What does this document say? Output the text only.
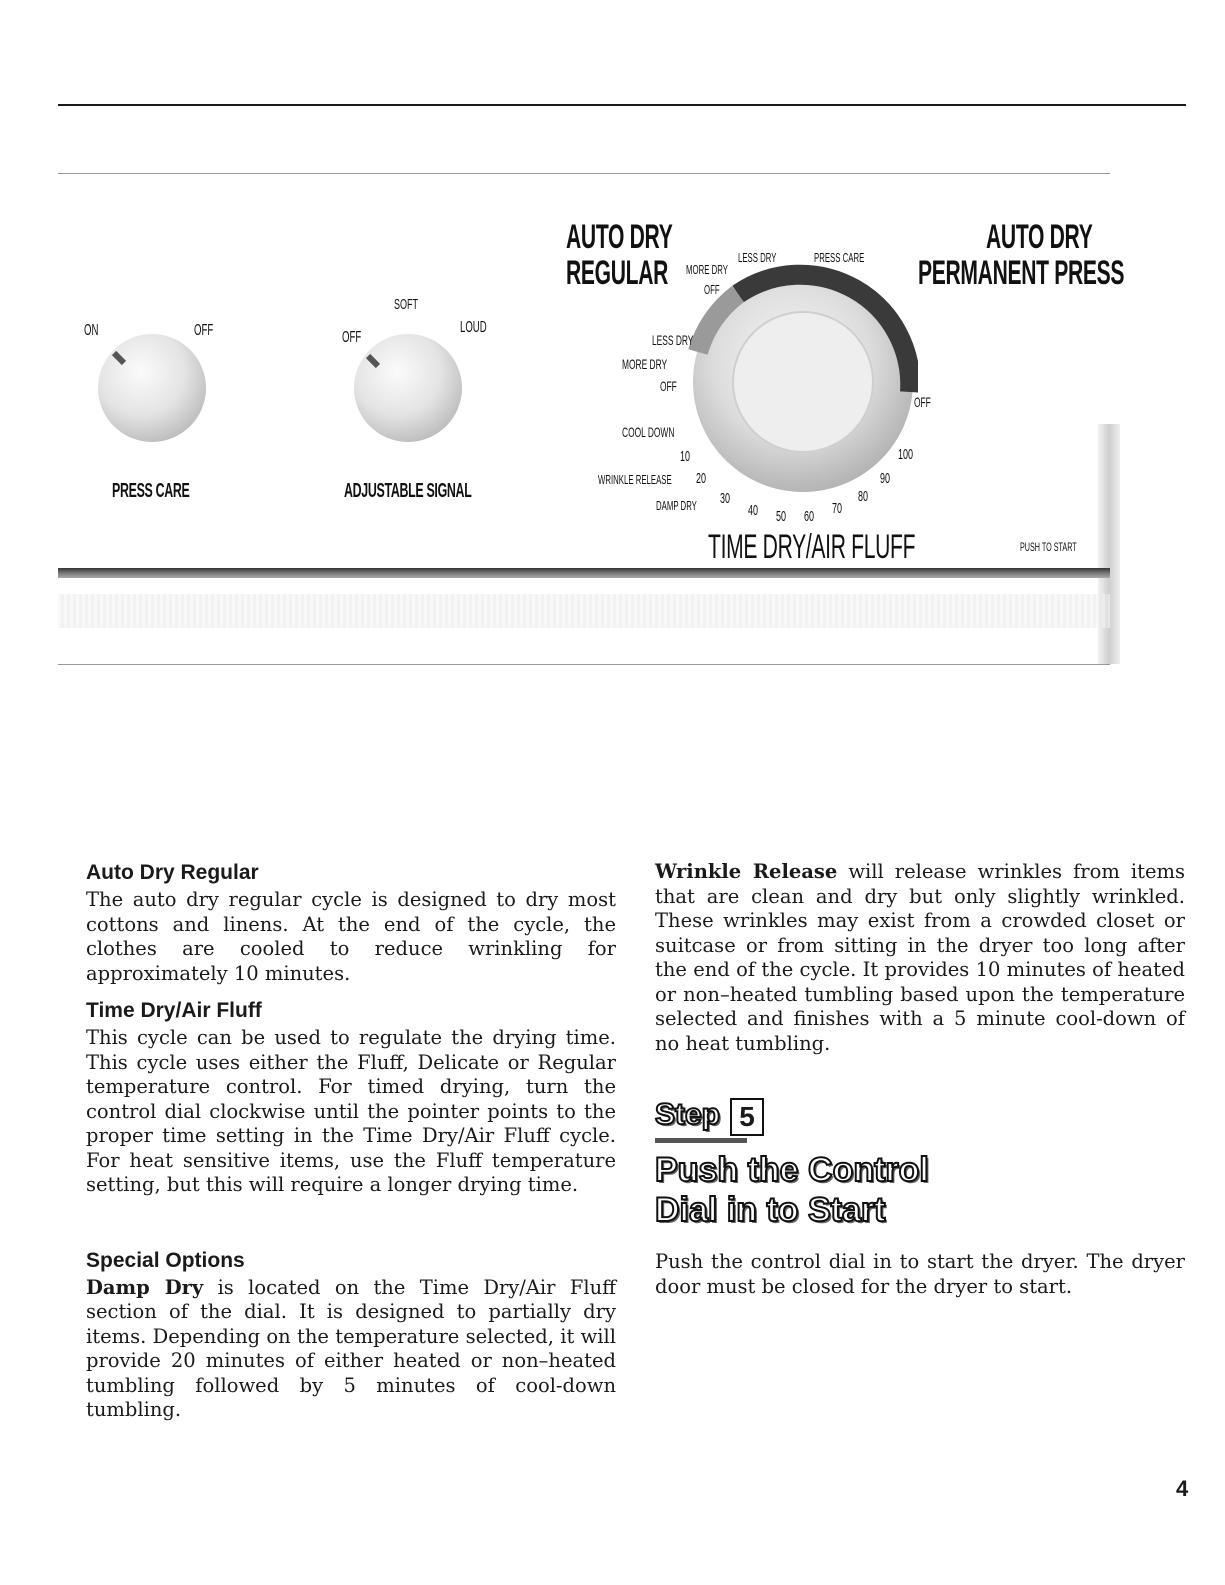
ON	OFF
PRESS CARE
SOFT
OFF
LOUD
ADJUSTABLE SIGNAL
AUTO DRY
REGULAR
AUTO DRY
PERMANENT PRESS
MORE DRY
LESS DRY	PRESS CARE
OFF
LESS DRY
MORE DRY
OFF
COOL DOWN
WRINKLE RELEASE
DAMP DRY
OFF
10
20
30
40 50 60 70
80
90
100
TIME DRY/AIR FLUFF	PUSH TO START
Auto Dry Regular

The auto dry regular cycle is designed to dry most cottons and linens. At the end of the cycle, the clothes are cooled to reduce wrinkling for approximately 10 minutes.

Time Dry/Air Fluff

This cycle can be used to regulate the drying time. This cycle uses either the Fluff, Delicate or Regular temperature control. For timed drying, turn the control dial clockwise until the pointer points to the proper time setting in the Time Dry/Air Fluff cycle. For heat sensitive items, use the Fluff temperature setting, but this will require a longer drying time.

Special Options

Damp Dry is located on the Time Dry/Air Fluff section of the dial. It is designed to partially dry items. Depending on the temperature selected, it will provide 20 minutes of either heated or non–heated tumbling followed by 5 minutes of cool-down tumbling.

Wrinkle Release will release wrinkles from items that are clean and dry but only slightly wrinkled. These wrinkles may exist from a crowded closet or suitcase or from sitting in the dryer too long after the end of the cycle. It provides 10 minutes of heated or non–heated tumbling based upon the temperature selected and finishes with a 5 minute cool-down of no heat tumbling.

Step 5
Push the Control
Dial in to Start

Push the control dial in to start the dryer. The dryer door must be closed for the dryer to start.

4
